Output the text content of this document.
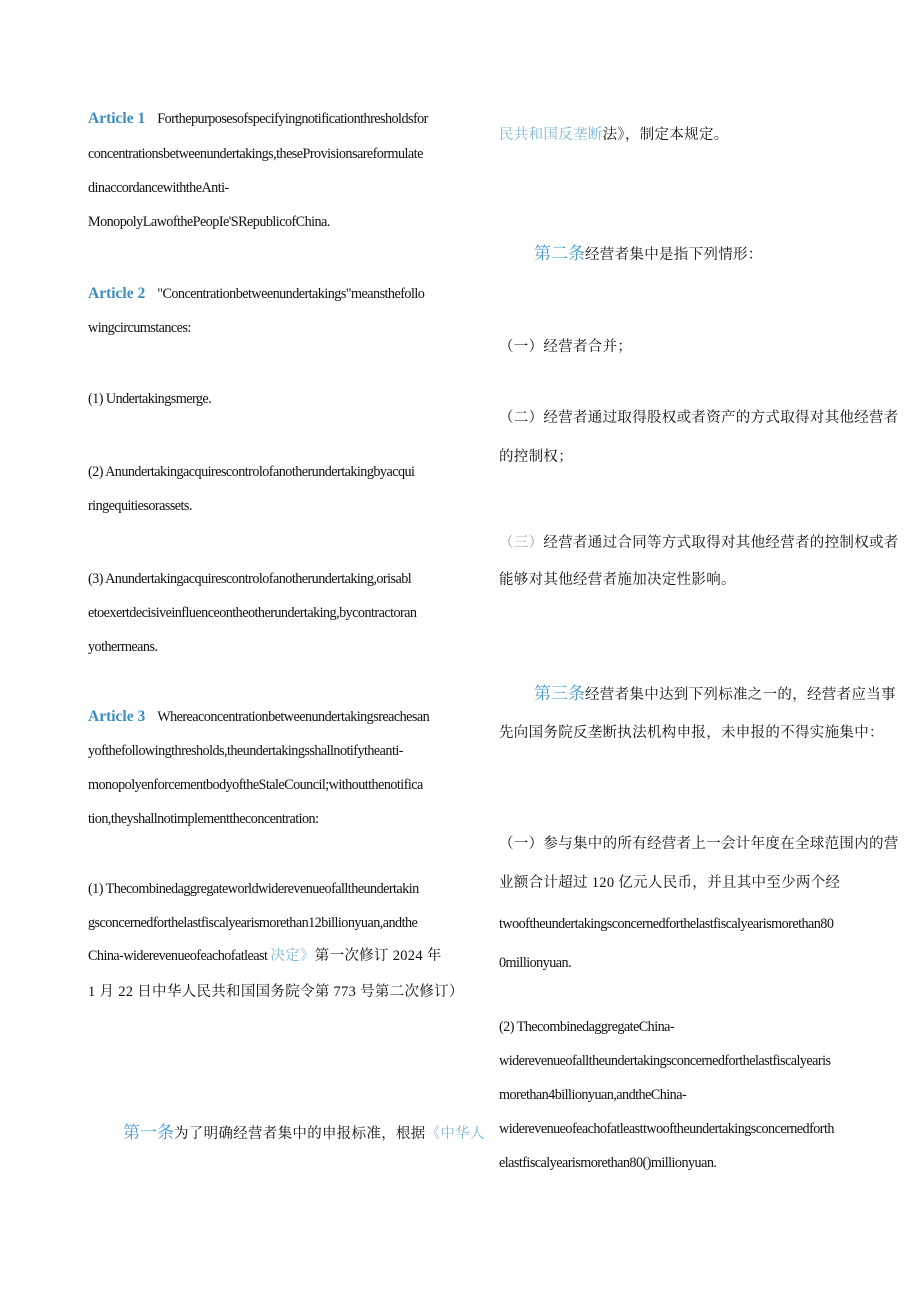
Article 1 Forthepurposesofspecifyingnotificationthresholdsfor

concentrationsbetweenundertakings,theseProvisionsareformulate

dinaccordancewiththeAnti-

MonopolyLawofthePeopIe'SRepublicofChina.

Article 2 "Concentrationbetweenundertakings"meansthefollo

wingcircumstances:

(1) Undertakingsmerge.

(2) Anundertakingacquirescontrolofanotherundertakingbyacqui

ringequitiesorassets.

(3) Anundertakingacquirescontrolofanotherundertaking,orisabl

etoexertdecisiveinfluenceontheotherundertaking,bycontractoran

yothermeans.

Article 3 Whereaconcentrationbetweenundertakingsreachesan

yofthefollowingthresholds,theundertakingsshallnotifytheanti-

monopolyenforcementbodyoftheStaleCouncil;withoutthenotifica

tion,theyshallnotimplementtheconcentration:

(1) Thecombinedaggregateworldwiderevenueofalltheundertakin

gsconcernedforthelastfiscalyearismorethan12billionyuan,andthe

China-widerevenueofeachofatleast 决定》第一次修订 2024 年

1 月 22 日中华人民共和国国务院令第 773 号第二次修订）

第一条为了明确经营者集中的申报标准，根据《中华人

民共和国反垄断法》，制定本规定。

第二条经营者集中是指下列情形：

（一）经营者合并；

（二）经营者通过取得股权或者资产的方式取得对其他经营者

的控制权；

（三）经营者通过合同等方式取得对其他经营者的控制权或者

能够对其他经营者施加决定性影响。

第三条经营者集中达到下列标准之一的，经营者应当事

先向国务院反垄断执法机构申报，未申报的不得实施集中：

（一）参与集中的所有经营者上一会计年度在全球范围内的营

业额合计超过 120 亿元人民币，并且其中至少两个经

twooftheundertakingsconcernedforthelastfiscalyearismorethan80

0millionyuan.

(2) ThecombinedaggregateChina-

widerevenueofalltheundertakingsconcernedforthelastfiscalyearis

morethan4billionyuan,andtheChina-

widerevenueofeachofatleasttwooftheundertakingsconcernedforth

elastfiscalyearismorethan80()millionyuan.
